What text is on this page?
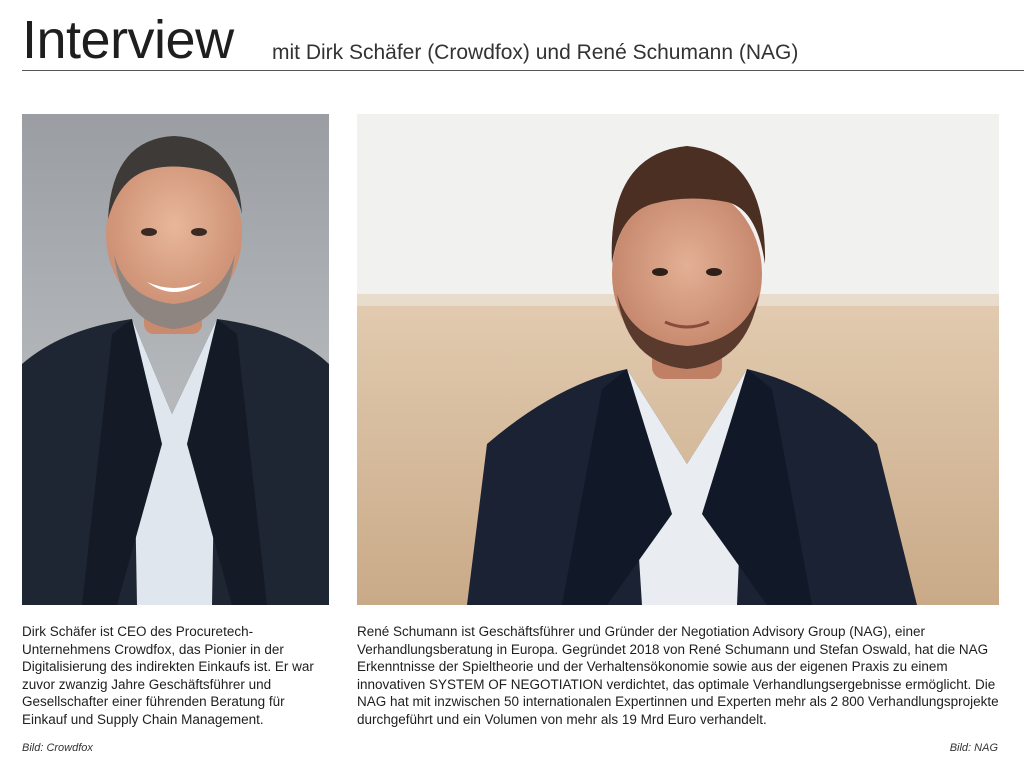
Interview mit Dirk Schäfer (Crowdfox) und René Schumann (NAG)

Dirk Schäfer ist CEO des Procuretech-Unternehmens Crowdfox, das Pionier in der Digitalisierung des indirekten Einkaufs ist. Er war zuvor zwanzig Jahre Geschäftsführer und Gesellschafter einer führenden Beratung für Einkauf und Supply Chain Management.

Bild: Crowdfox

René Schumann ist Geschäftsführer und Gründer der Negotiation Advisory Group (NAG), einer Verhandlungsberatung in Europa. Gegründet 2018 von René Schumann und Stefan Oswald, hat die NAG Erkenntnisse der Spieltheorie und der Verhaltensökonomie sowie aus der eigenen Praxis zu einem innovativen SYSTEM OF NEGOTIATION verdichtet, das optimale Verhandlungsergebnisse ermöglicht. Die NAG hat mit inzwischen 50 internationalen Expertinnen und Experten mehr als 2 800 Verhandlungsprojekte durchgeführt und ein Volumen von mehr als 19 Mrd Euro verhandelt.

Bild: NAG
